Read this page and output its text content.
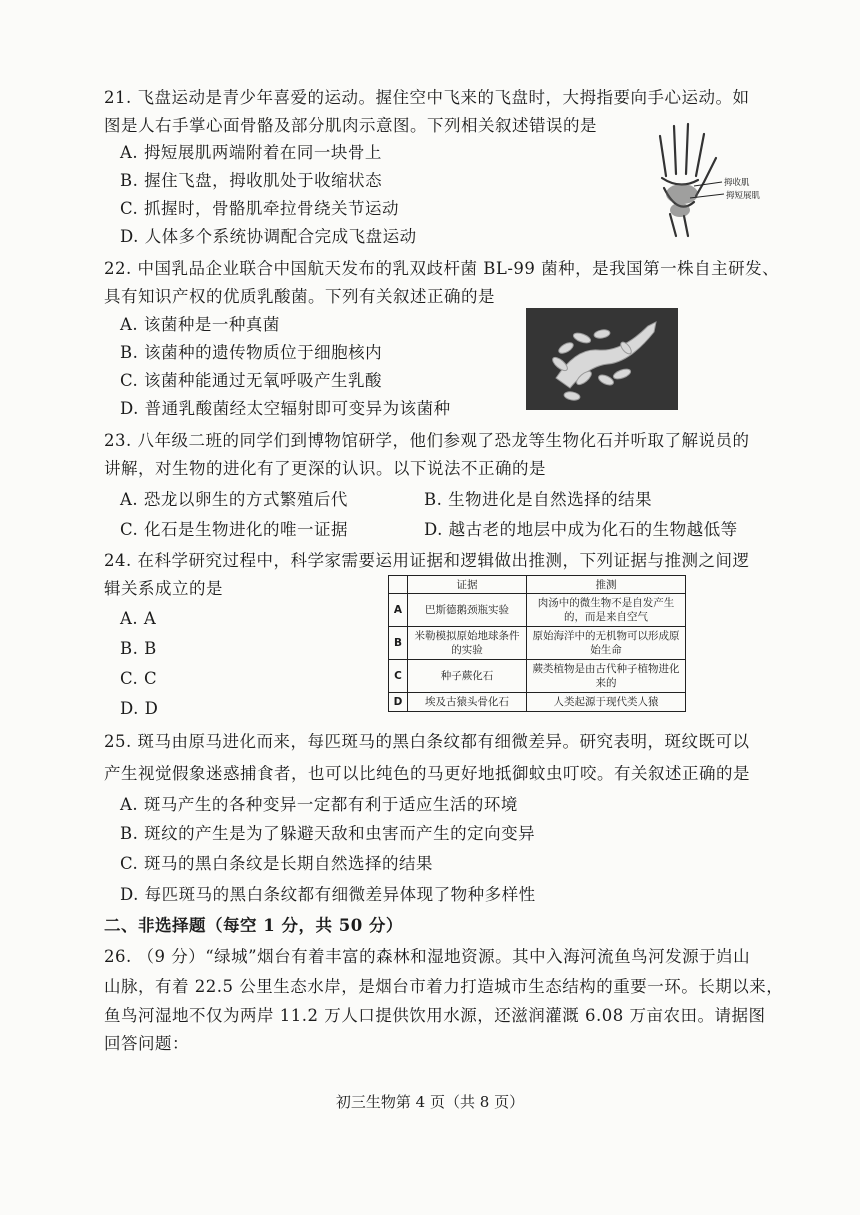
21. 飞盘运动是青少年喜爱的运动。握住空中飞来的飞盘时，大拇指要向手心运动。如
图是人右手掌心面骨骼及部分肌肉示意图。下列相关叙述错误的是
A. 拇短展肌两端附着在同一块骨上
B. 握住飞盘，拇收肌处于收缩状态
C. 抓握时，骨骼肌牵拉骨绕关节运动
D. 人体多个系统协调配合完成飞盘运动
拇收肌
拇短展肌
22. 中国乳品企业联合中国航天发布的乳双歧杆菌 BL-99 菌种，是我国第一株自主研发、
具有知识产权的优质乳酸菌。下列有关叙述正确的是
A. 该菌种是一种真菌
B. 该菌种的遗传物质位于细胞核内
C. 该菌种能通过无氧呼吸产生乳酸
D. 普通乳酸菌经太空辐射即可变异为该菌种
23. 八年级二班的同学们到博物馆研学，他们参观了恐龙等生物化石并听取了解说员的
讲解，对生物的进化有了更深的认识。以下说法不正确的是
A. 恐龙以卵生的方式繁殖后代	B. 生物进化是自然选择的结果
C. 化石是生物进化的唯一证据	D. 越古老的地层中成为化石的生物越低等
24. 在科学研究过程中，科学家需要运用证据和逻辑做出推测，下列证据与推测之间逻
辑关系成立的是
A. A
B. B
C. C
D. D
	证据	推测
A	巴斯德鹅颈瓶实验	肉汤中的微生物不是自发产生的，而是来自空气
B	米勒模拟原始地球条件的实验	原始海洋中的无机物可以形成原始生命
C	种子蕨化石	蕨类植物是由古代种子植物进化来的
D	埃及古猿头骨化石	人类起源于现代类人猿
25. 斑马由原马进化而来，每匹斑马的黑白条纹都有细微差异。研究表明，斑纹既可以
产生视觉假象迷惑捕食者，也可以比纯色的马更好地抵御蚊虫叮咬。有关叙述正确的是
A. 斑马产生的各种变异一定都有利于适应生活的环境
B. 斑纹的产生是为了躲避天敌和虫害而产生的定向变异
C. 斑马的黑白条纹是长期自然选择的结果
D. 每匹斑马的黑白条纹都有细微差异体现了物种多样性
二、非选择题（每空 1 分，共 50 分）
26. （9 分）“绿城”烟台有着丰富的森林和湿地资源。其中入海河流鱼鸟河发源于岿山
山脉，有着 22.5 公里生态水岸，是烟台市着力打造城市生态结构的重要一环。长期以来，
鱼鸟河湿地不仅为两岸 11.2 万人口提供饮用水源，还滋润灌溉 6.08 万亩农田。请据图
回答问题：
初三生物第 4 页（共 8 页）
